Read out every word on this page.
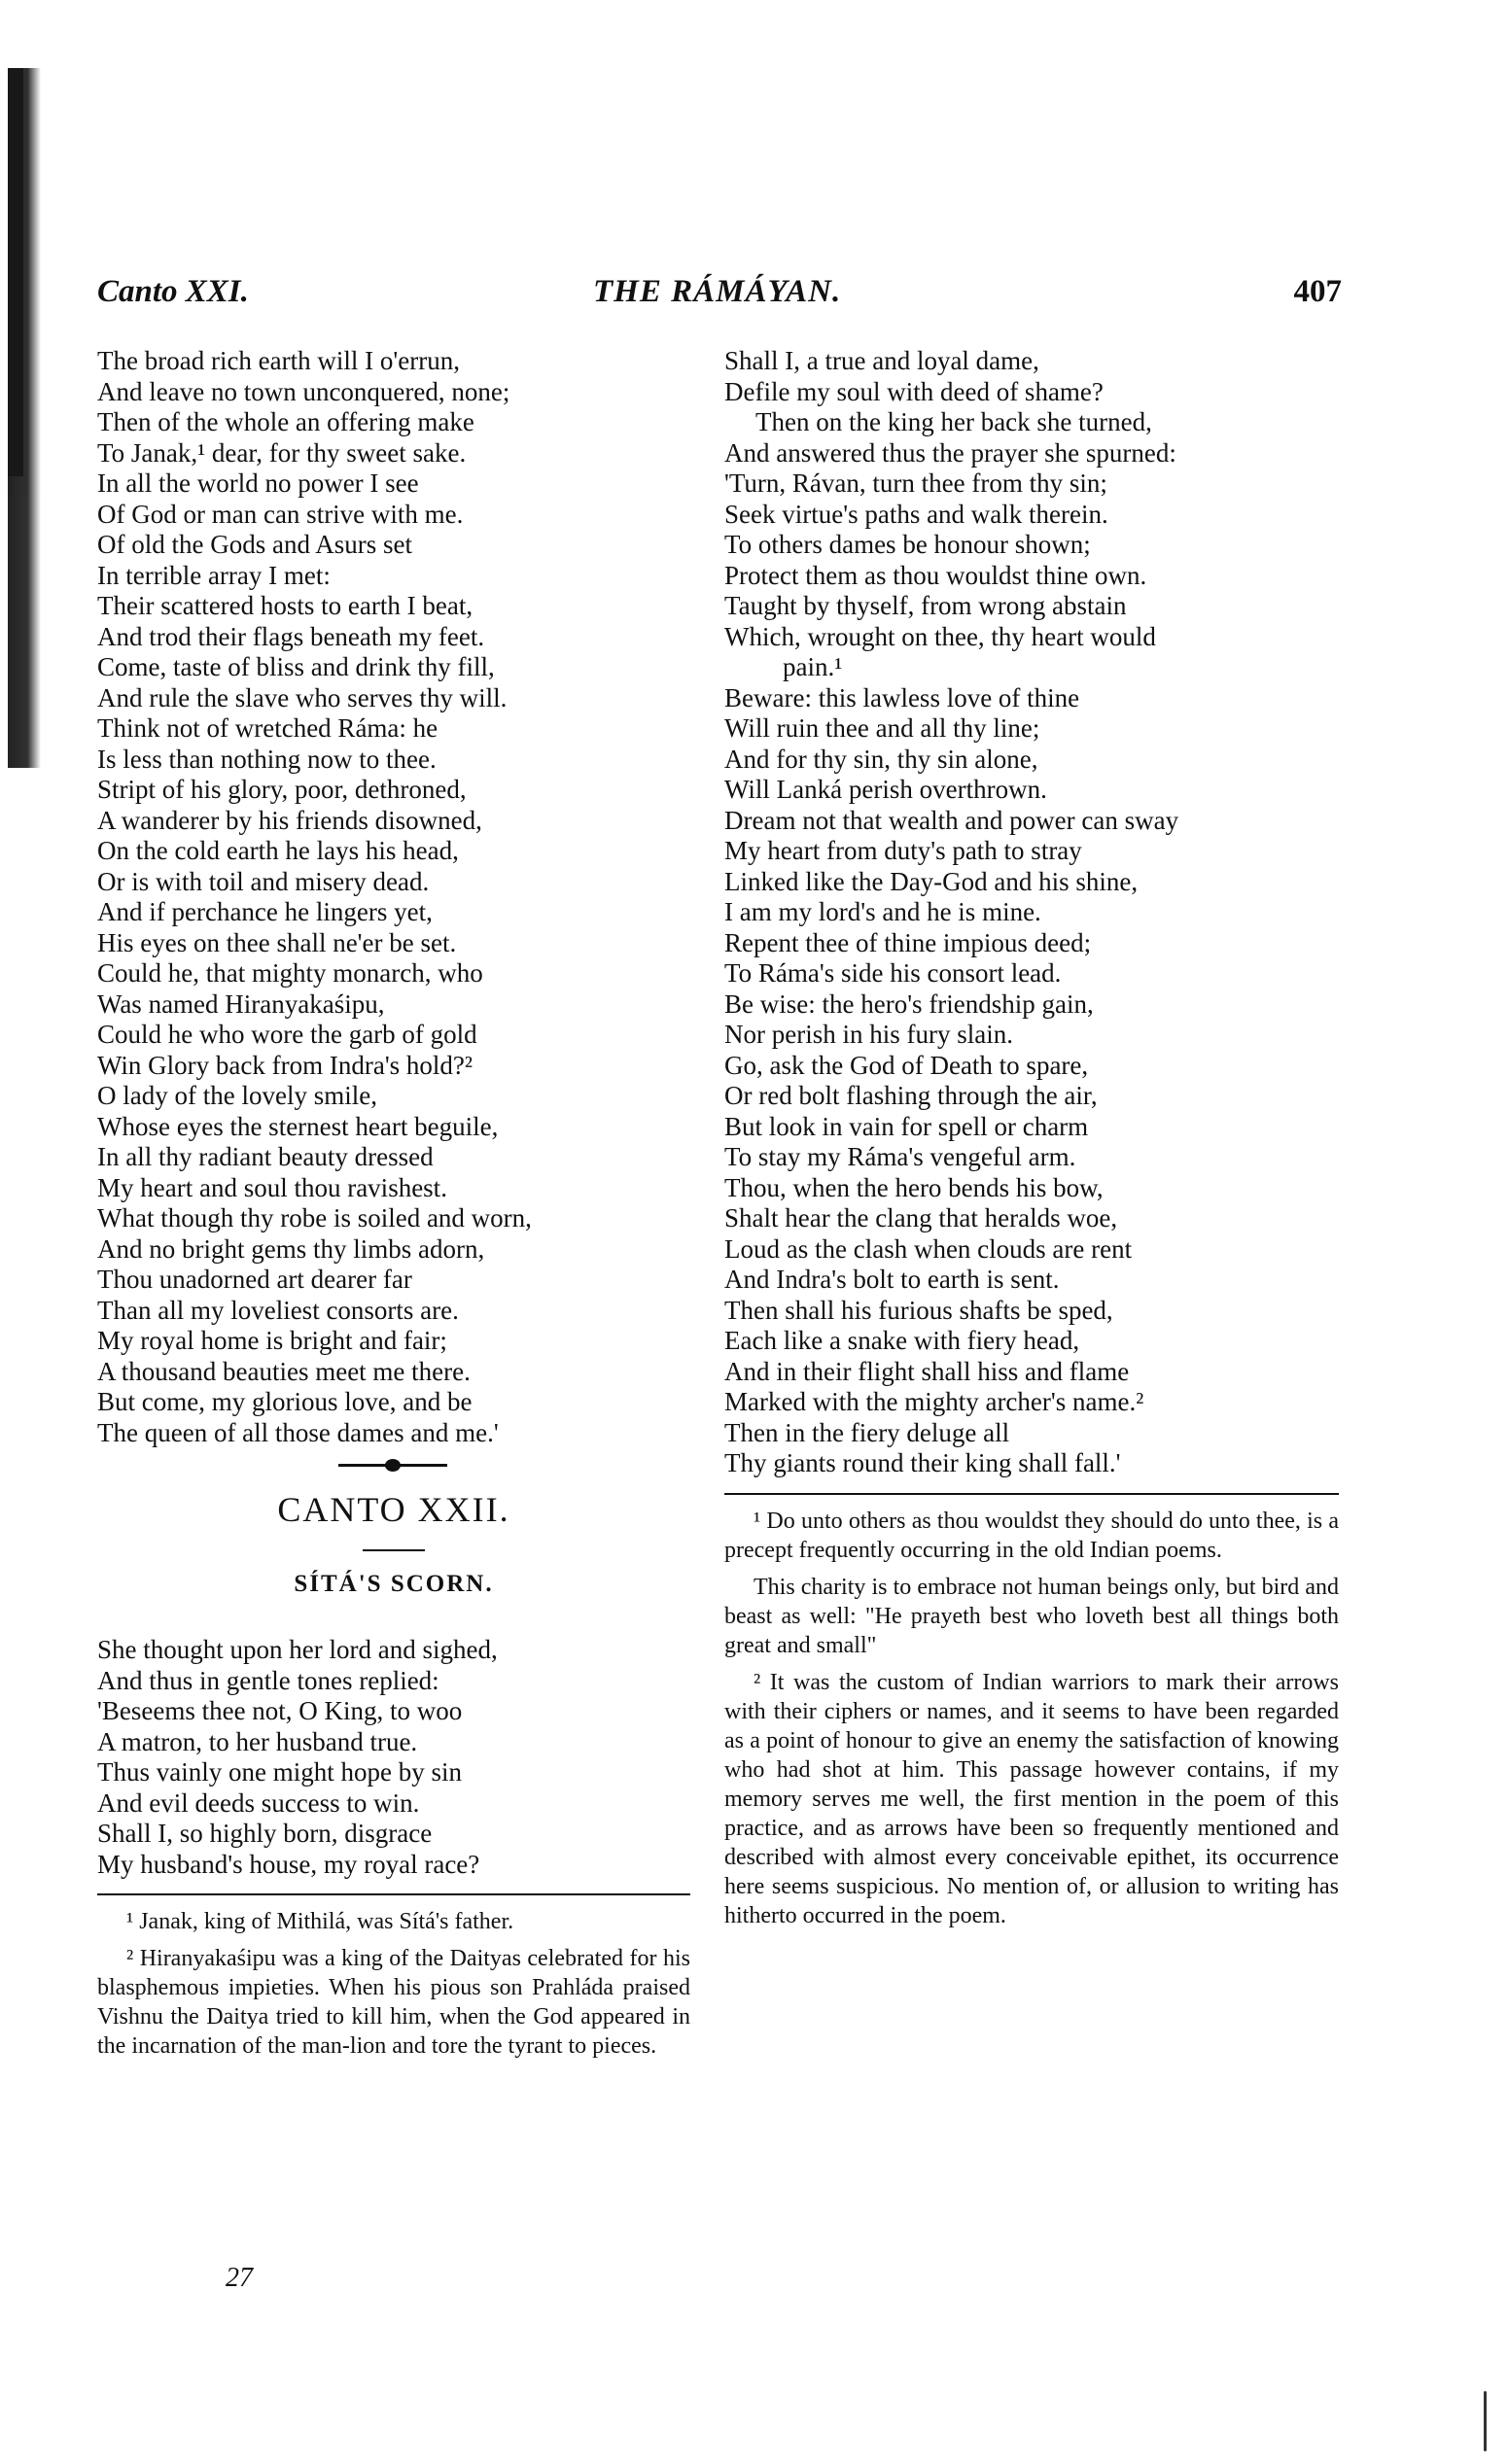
Canto XXI.	THE RÁMÁYAN.	407
The broad rich earth will I o'errun,
And leave no town unconquered, none;
Then of the whole an offering make
To Janak,¹ dear, for thy sweet sake.
In all the world no power I see
Of God or man can strive with me.
Of old the Gods and Asurs set
In terrible array I met:
Their scattered hosts to earth I beat,
And trod their flags beneath my feet.
Come, taste of bliss and drink thy fill,
And rule the slave who serves thy will.
Think not of wretched Ráma: he
Is less than nothing now to thee.
Stript of his glory, poor, dethroned,
A wanderer by his friends disowned,
On the cold earth he lays his head,
Or is with toil and misery dead.
And if perchance he lingers yet,
His eyes on thee shall ne'er be set.
Could he, that mighty monarch, who
Was named Hiranyakaśipu,
Could he who wore the garb of gold
Win Glory back from Indra's hold?²
O lady of the lovely smile,
Whose eyes the sternest heart beguile,
In all thy radiant beauty dressed
My heart and soul thou ravishest.
What though thy robe is soiled and worn,
And no bright gems thy limbs adorn,
Thou unadorned art dearer far
Than all my loveliest consorts are.
My royal home is bright and fair;
A thousand beauties meet me there.
But come, my glorious love, and be
The queen of all those dames and me.'
CANTO XXII.
SÍTÁ'S SCORN.
She thought upon her lord and sighed,
And thus in gentle tones replied:
'Beseems thee not, O King, to woo
A matron, to her husband true.
Thus vainly one might hope by sin
And evil deeds success to win.
Shall I, so highly born, disgrace
My husband's house, my royal race?

¹ Janak, king of Mithilá, was Sítá's father.

² Hiranyakaśipu was a king of the Daityas celebrated for his blasphemous impieties. When his pious son Prahláda praised Vishnu the Daitya tried to kill him, when the God appeared in the incarnation of the man-lion and tore the tyrant to pieces.

Shall I, a true and loyal dame,
Defile my soul with deed of shame?
Then on the king her back she turned,
And answered thus the prayer she spurned:
'Turn, Rávan, turn thee from thy sin;
Seek virtue's paths and walk therein.
To others dames be honour shown;
Protect them as thou wouldst thine own.
Taught by thyself, from wrong abstain
Which, wrought on thee, thy heart would
pain.¹
Beware: this lawless love of thine
Will ruin thee and all thy line;
And for thy sin, thy sin alone,
Will Lanká perish overthrown.
Dream not that wealth and power can sway
My heart from duty's path to stray
Linked like the Day-God and his shine,
I am my lord's and he is mine.
Repent thee of thine impious deed;
To Ráma's side his consort lead.
Be wise: the hero's friendship gain,
Nor perish in his fury slain.
Go, ask the God of Death to spare,
Or red bolt flashing through the air,
But look in vain for spell or charm
To stay my Ráma's vengeful arm.
Thou, when the hero bends his bow,
Shalt hear the clang that heralds woe,
Loud as the clash when clouds are rent
And Indra's bolt to earth is sent.
Then shall his furious shafts be sped,
Each like a snake with fiery head,
And in their flight shall hiss and flame
Marked with the mighty archer's name.²
Then in the fiery deluge all
Thy giants round their king shall fall.'

¹ Do unto others as thou wouldst they should do unto thee, is a precept frequently occurring in the old Indian poems.

This charity is to embrace not human beings only, but bird and beast as well: "He prayeth best who loveth best all things both great and small"

² It was the custom of Indian warriors to mark their arrows with their ciphers or names, and it seems to have been regarded as a point of honour to give an enemy the satisfaction of knowing who had shot at him. This passage however contains, if my memory serves me well, the first mention in the poem of this practice, and as arrows have been so frequently mentioned and described with almost every conceivable epithet, its occurrence here seems suspicious. No mention of, or allusion to writing has hitherto occurred in the poem.

27
